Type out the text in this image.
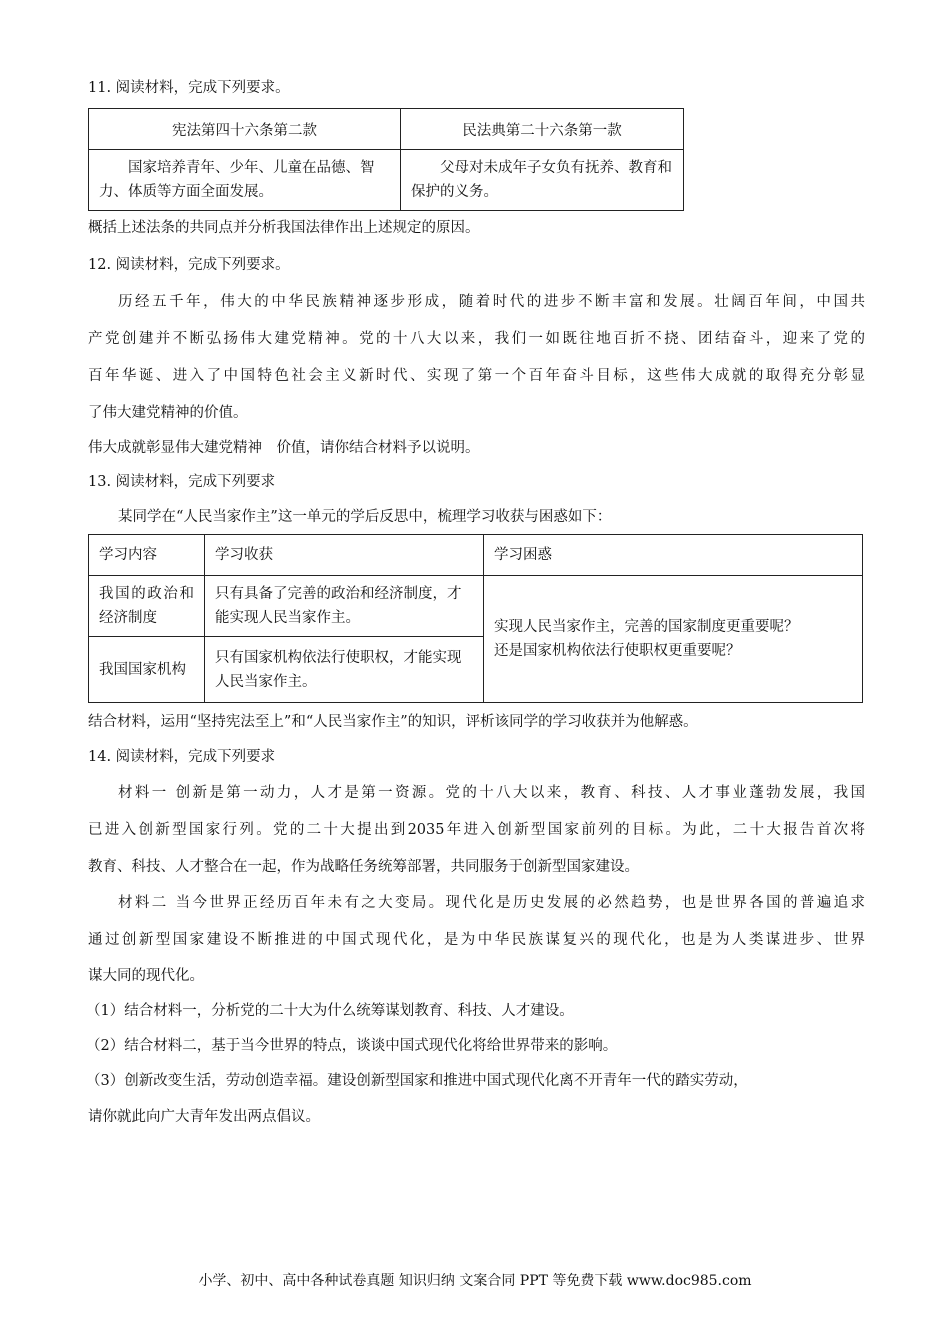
11. 阅读材料，完成下列要求。
宪法第四十六条第二款	民法典第二十六条第一款

国家培养青年、少年、儿童在品德、智力、体质等方面全面发展。	父母对未成年子女负有抚养、教育和保护的义务。
概括上述法条的共同点并分析我国法律作出上述规定的原因。
12. 阅读材料，完成下列要求。
历经五千年，伟大的中华民族精神逐步形成，随着时代的进步不断丰富和发展。壮阔百年间，中国共
产党创建并不断弘扬伟大建党精神。党的十八大以来，我们一如既往地百折不挠、团结奋斗，迎来了党的
百年华诞、进入了中国特色社会主义新时代、实现了第一个百年奋斗目标，这些伟大成就的取得充分彰显
了伟大建党精神的价值。
伟大成就彰显伟大建党精神　价值，请你结合材料予以说明。
13. 阅读材料，完成下列要求
某同学在“人民当家作主”这一单元的学后反思中，梳理学习收获与困惑如下：
学习内容	学习收获	学习困惑

我国的政治和经济制度	只有具备了完善的政治和经济制度，才能实现人民当家作主。	实现人民当家作主，完善的国家制度更重要呢？
还是国家机构依法行使职权更重要呢？

我国国家机构	只有国家机构依法行使职权，才能实现人民当家作主。	
结合材料，运用“坚持宪法至上”和“人民当家作主”的知识，评析该同学的学习收获并为他解惑。
14. 阅读材料，完成下列要求
材料一 创新是第一动力，人才是第一资源。党的十八大以来，教育、科技、人才事业蓬勃发展，我国
已进入创新型国家行列。党的二十大提出到2035年进入创新型国家前列的目标。为此，二十大报告首次将
教育、科技、人才整合在一起，作为战略任务统筹部署，共同服务于创新型国家建设。
材料二 当今世界正经历百年未有之大变局。现代化是历史发展的必然趋势，也是世界各国的普遍追求
通过创新型国家建设不断推进的中国式现代化，是为中华民族谋复兴的现代化，也是为人类谋进步、世界
谋大同的现代化。
（1）结合材料一，分析党的二十大为什么统筹谋划教育、科技、人才建设。
（2）结合材料二，基于当今世界的特点，谈谈中国式现代化将给世界带来的影响。
（3）创新改变生活，劳动创造幸福。建设创新型国家和推进中国式现代化离不开青年一代的踏实劳动，
请你就此向广大青年发出两点倡议。
小学、初中、高中各种试卷真题 知识归纳 文案合同 PPT 等免费下载 www.doc985.com
